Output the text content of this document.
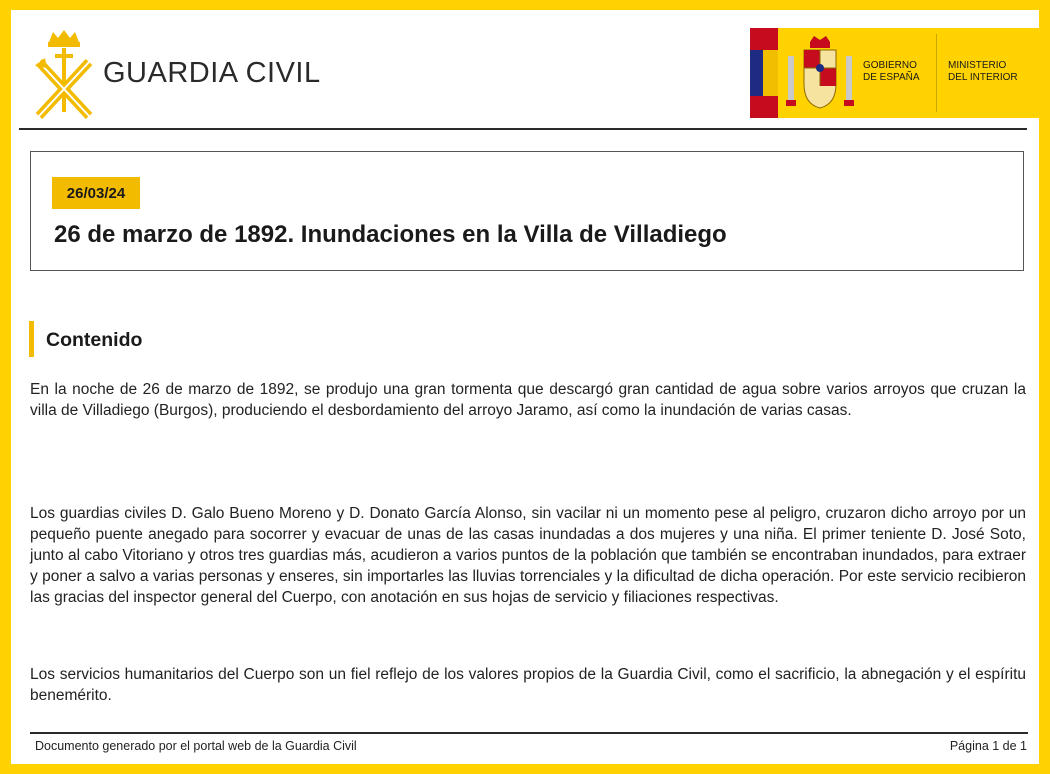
GUARDIA CIVIL	GOBIERNO
DE ESPAÑA
MINISTERIO
DEL INTERIOR
26/03/24
26 de marzo de 1892. Inundaciones en la Villa de Villadiego
Contenido

En la noche de 26 de marzo de 1892, se produjo una gran tormenta que descargó gran cantidad de agua sobre varios arroyos que cruzan la villa de Villadiego (Burgos), produciendo el desbordamiento del arroyo Jaramo, así como la inundación de varias casas.

Los guardias civiles D. Galo Bueno Moreno y D. Donato García Alonso, sin vacilar ni un momento pese al peligro, cruzaron dicho arroyo por un pequeño puente anegado para socorrer y evacuar de unas de las casas inundadas a dos mujeres y una niña. El primer teniente D. José Soto, junto al cabo Vitoriano y otros tres guardias más, acudieron a varios puntos de la población que también se encontraban inundados, para extraer y poner a salvo a varias personas y enseres, sin importarles las lluvias torrenciales y la dificultad de dicha operación. Por este servicio recibieron las gracias del inspector general del Cuerpo, con anotación en sus hojas de servicio y filiaciones respectivas.

Los servicios humanitarios del Cuerpo son un fiel reflejo de los valores propios de la Guardia Civil, como el sacrificio, la abnegación y el espíritu benemérito.

Documento generado por el portal web de la Guardia Civil	Página 1 de 1
